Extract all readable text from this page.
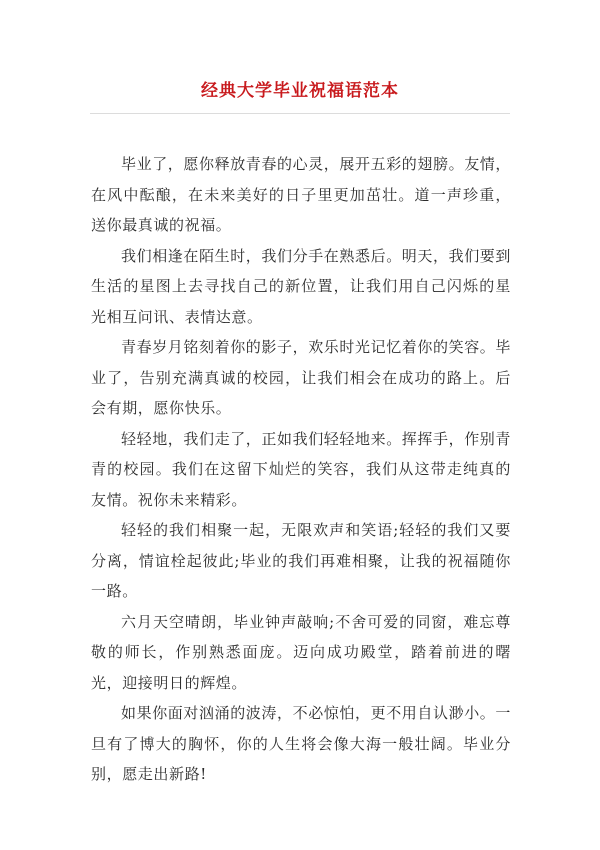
经典大学毕业祝福语范本

毕业了，愿你释放青春的心灵，展开五彩的翅膀。友情，在风中酝酿，在未来美好的日子里更加茁壮。道一声珍重，送你最真诚的祝福。

我们相逢在陌生时，我们分手在熟悉后。明天，我们要到生活的星图上去寻找自己的新位置，让我们用自己闪烁的星光相互问讯、表情达意。

青春岁月铭刻着你的影子，欢乐时光记忆着你的笑容。毕业了，告别充满真诚的校园，让我们相会在成功的路上。后会有期，愿你快乐。

轻轻地，我们走了，正如我们轻轻地来。挥挥手，作别青青的校园。我们在这留下灿烂的笑容，我们从这带走纯真的友情。祝你未来精彩。

轻轻的我们相聚一起，无限欢声和笑语;轻轻的我们又要分离，情谊栓起彼此;毕业的我们再难相聚，让我的祝福随你一路。

六月天空晴朗，毕业钟声敲响;不舍可爱的同窗，难忘尊敬的师长，作别熟悉面庞。迈向成功殿堂，踏着前进的曙光，迎接明日的辉煌。

如果你面对汹涌的波涛，不必惊怕，更不用自认渺小。一旦有了博大的胸怀，你的人生将会像大海一般壮阔。毕业分别，愿走出新路!
